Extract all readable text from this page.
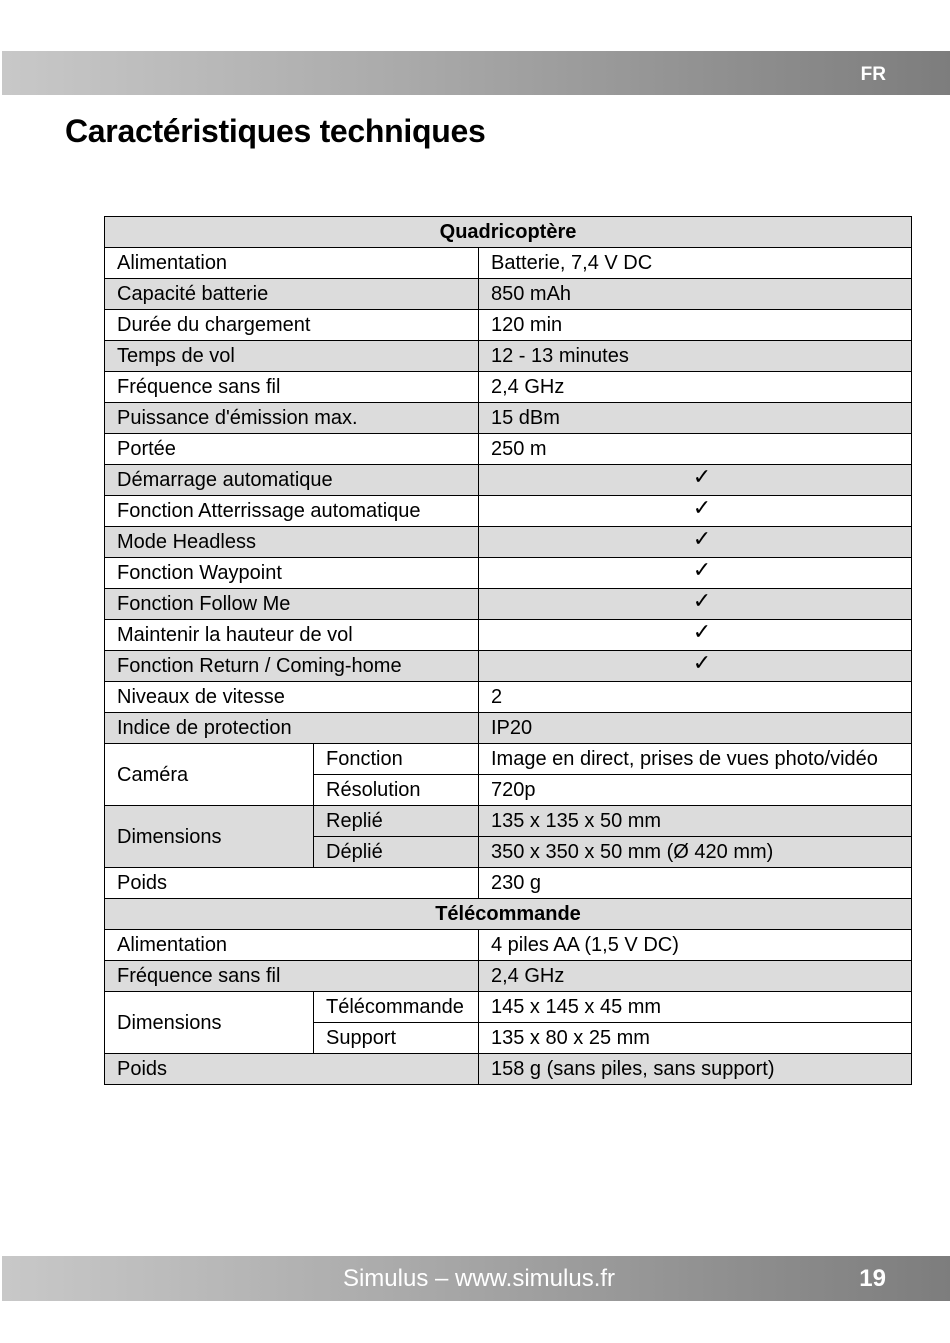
FR
Caractéristiques techniques
Quadricoptère		
Alimentation		Batterie, 7,4 V DC
Capacité batterie		850 mAh
Durée du chargement		120 min
Temps de vol		12 - 13 minutes
Fréquence sans fil		2,4 GHz
Puissance d'émission max.		15 dBm
Portée		250 m
Démarrage automatique		✓
Fonction Atterrissage automatique		✓
Mode Headless		✓
Fonction Waypoint		✓
Fonction Follow Me		✓
Maintenir la hauteur de vol		✓
Fonction Return / Coming-home		✓
Niveaux de vitesse		2
Indice de protection		IP20
Caméra	Fonction	Image en direct, prises de vues photo/vidéo
	Résolution	720p
Dimensions	Replié	135 x 135 x 50 mm
	Déplié	350 x 350 x 50 mm (Ø 420 mm)
Poids		230 g
Télécommande		
Alimentation		4 piles AA (1,5 V DC)
Fréquence sans fil		2,4 GHz
Dimensions	Télécommande	145 x 145 x 45 mm
	Support	135 x 80 x 25 mm
Poids		158 g (sans piles, sans support)
Simulus – www.simulus.fr	19
